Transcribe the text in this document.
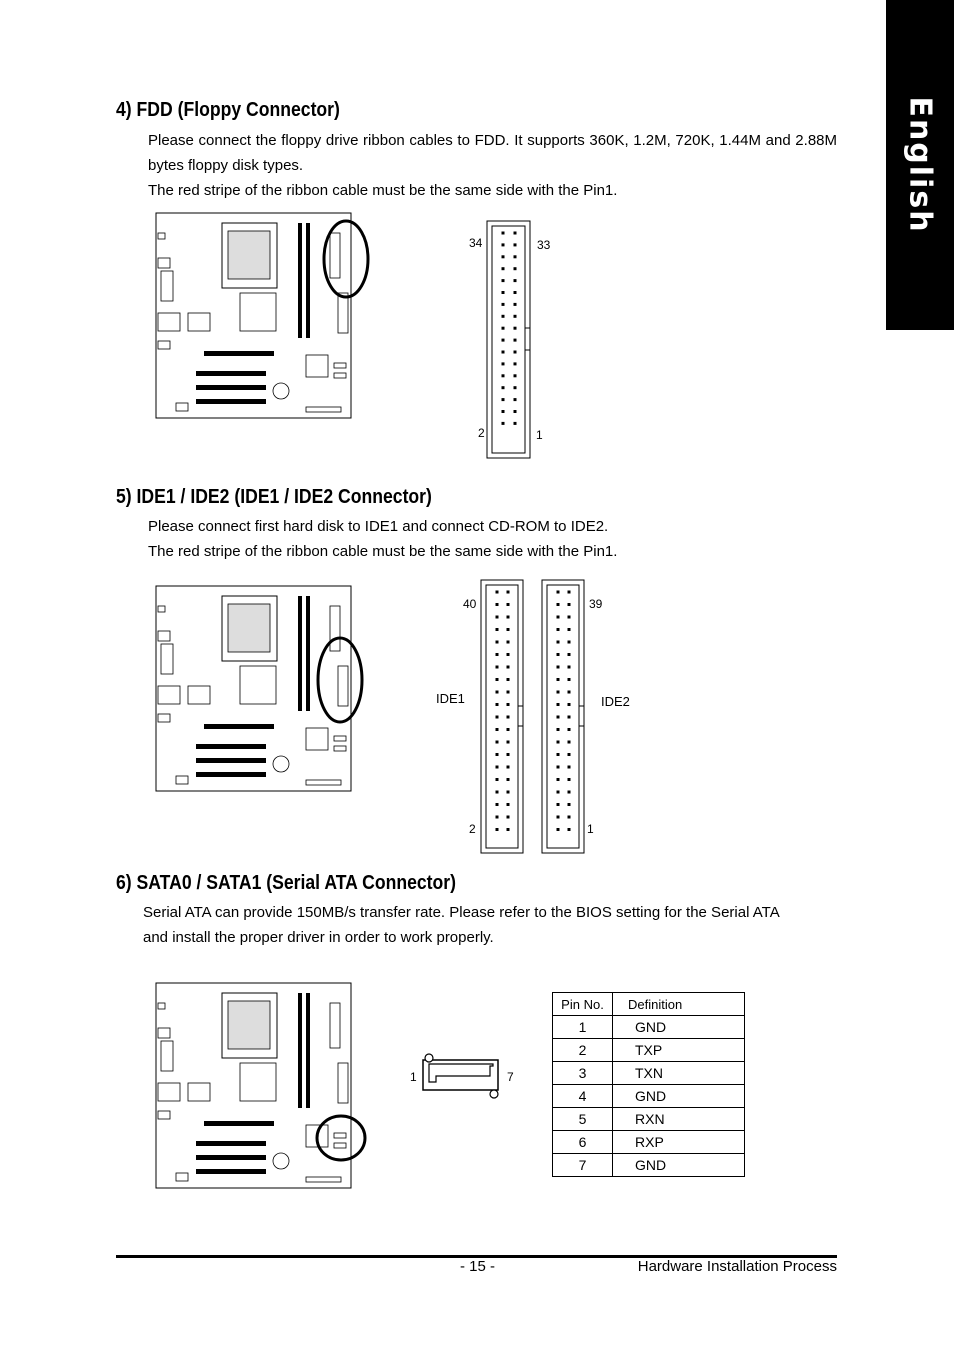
English
4) FDD (Floppy Connector)
Please connect the floppy drive ribbon cables to FDD. It supports 360K, 1.2M, 720K, 1.44M and 2.88M bytes floppy disk types.
The red stripe of the ribbon cable must be the same side with the Pin1.
5) IDE1 / IDE2 (IDE1 / IDE2 Connector)
Please connect first hard disk to IDE1 and connect CD-ROM to IDE2.
The red stripe of the ribbon cable must be the same side with the Pin1.
6) SATA0 / SATA1 (Serial ATA Connector)
Serial ATA can provide 150MB/s transfer rate. Please refer to the BIOS setting for the Serial ATA
and install the proper driver in order to work properly.
34	33
2	1
40	39
2	1
IDE1	IDE2
1	7
Pin No.	Definition
1	GND
2	TXP
3	TXN
4	GND
5	RXN
6	RXP
7	GND
- 15 -	Hardware Installation Process
